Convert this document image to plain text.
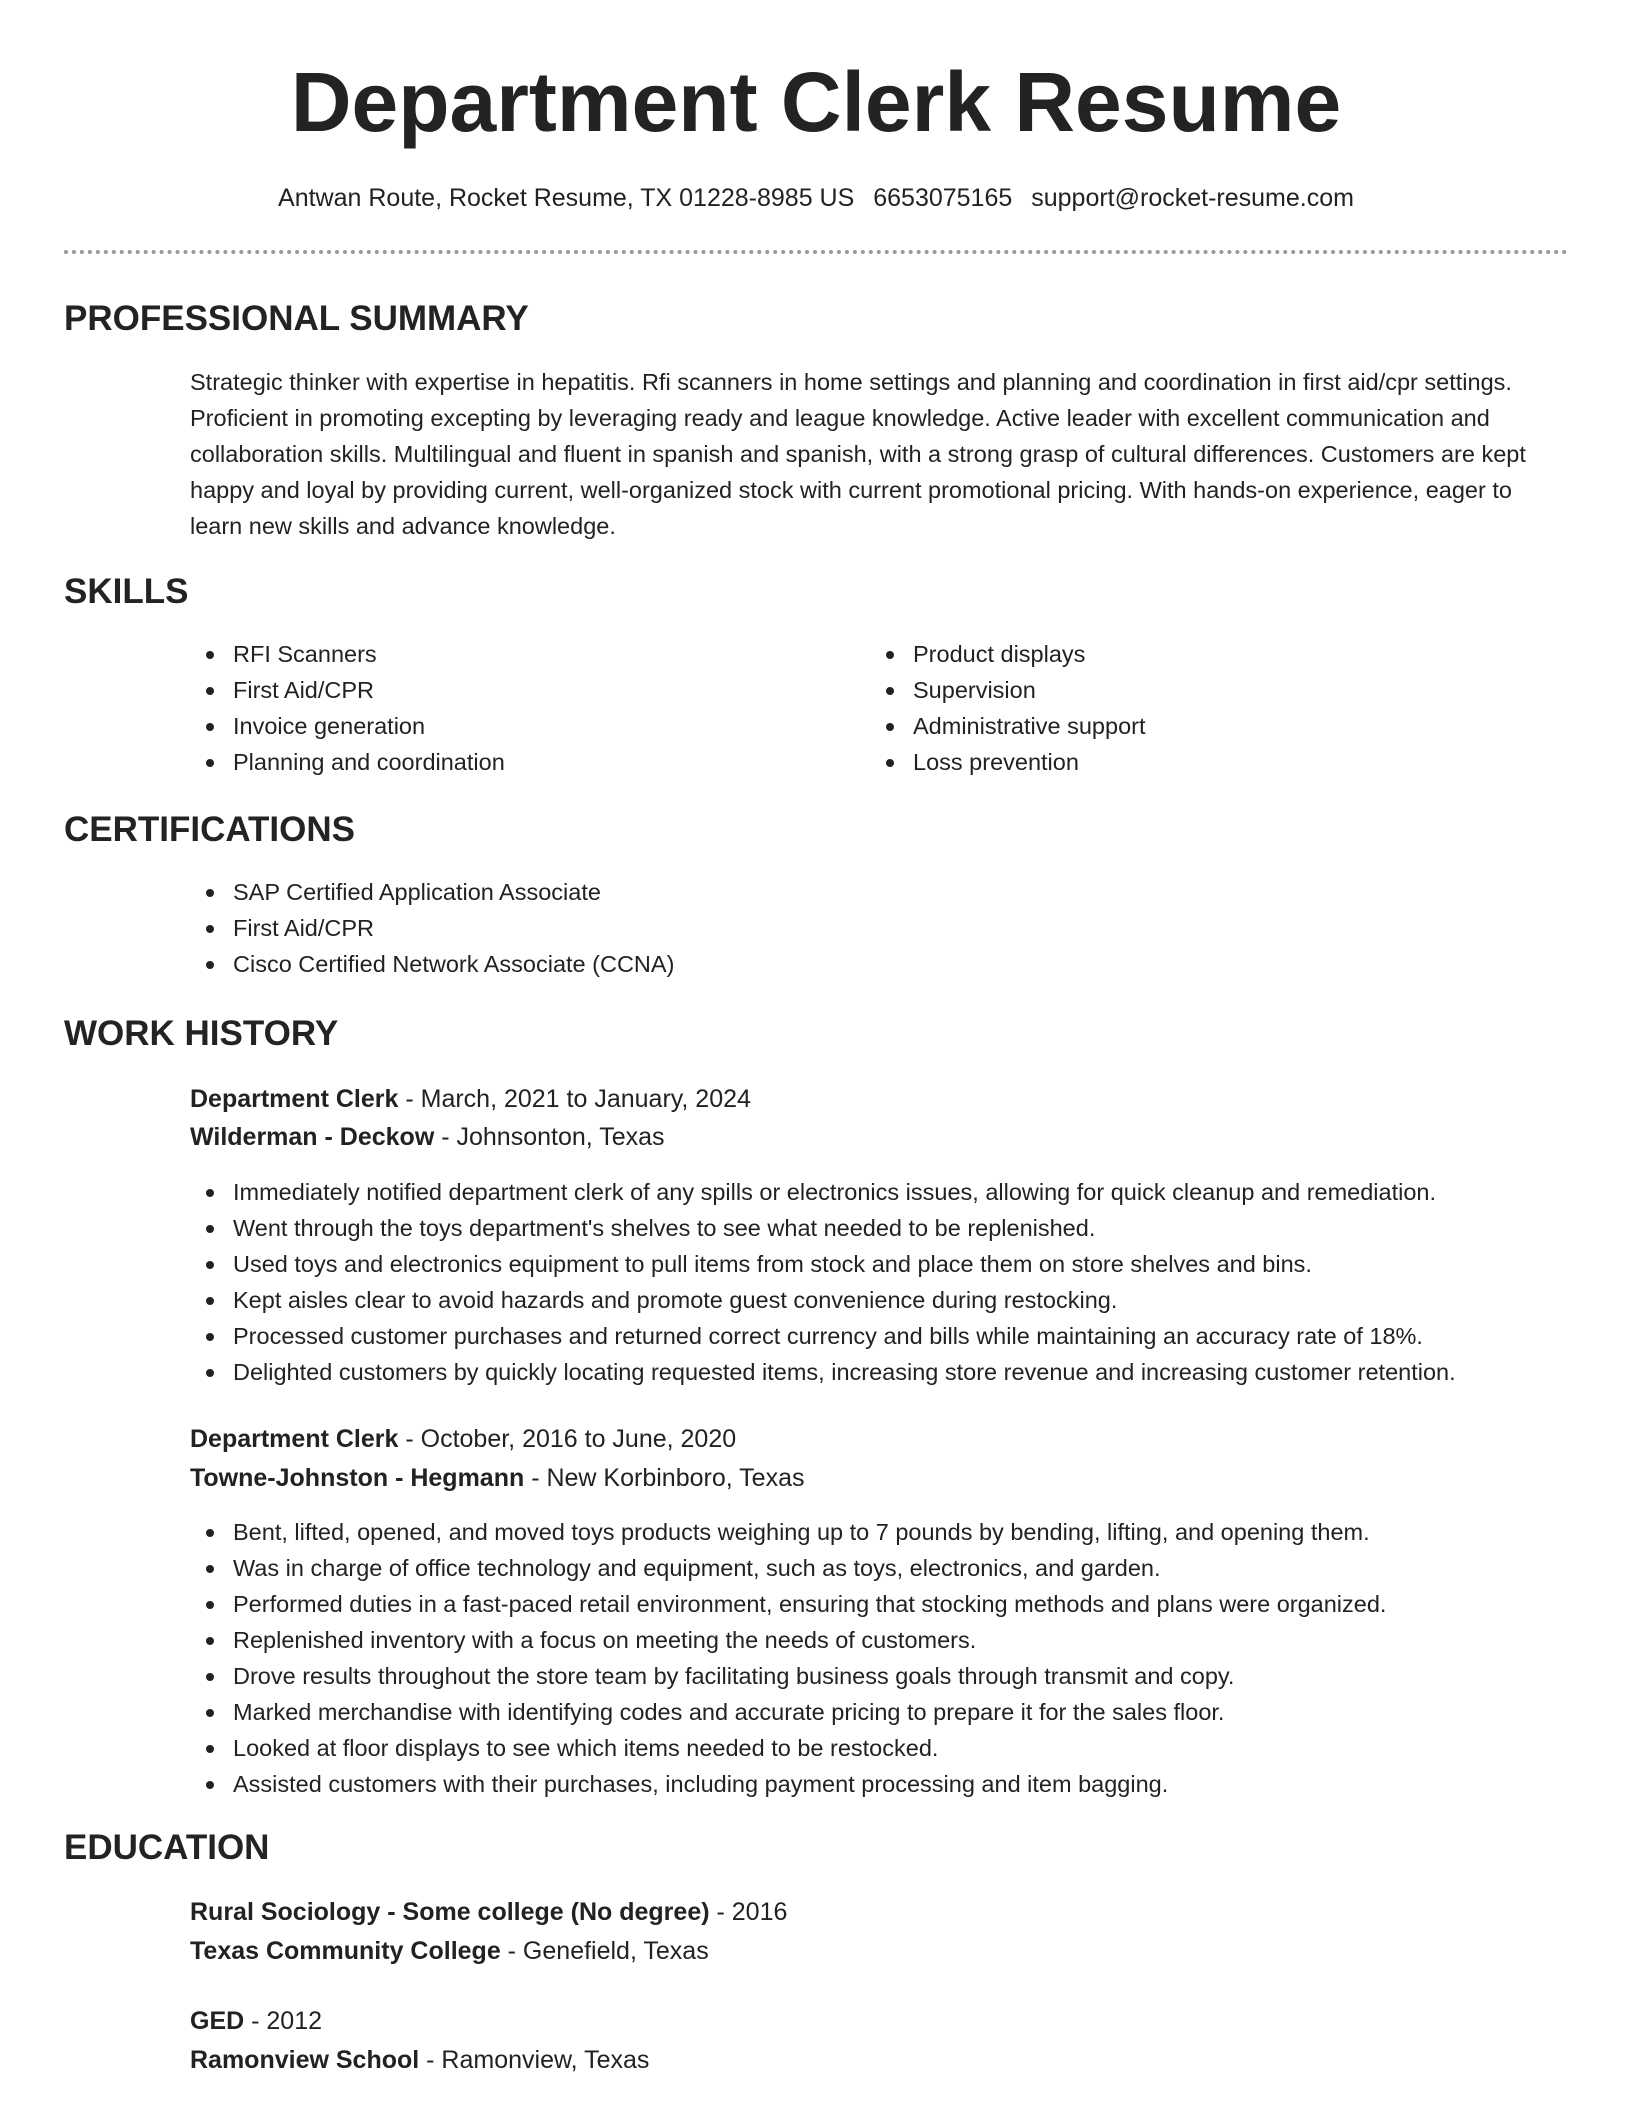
Department Clerk Resume
Antwan Route, Rocket Resume, TX 01228-8985 US 6653075165 support@rocket-resume.com
PROFESSIONAL SUMMARY

Strategic thinker with expertise in hepatitis. Rfi scanners in home settings and planning and coordination in first aid/cpr settings. Proficient in promoting excepting by leveraging ready and league knowledge. Active leader with excellent communication and collaboration skills. Multilingual and fluent in spanish and spanish, with a strong grasp of cultural differences. Customers are kept happy and loyal by providing current, well-organized stock with current promotional pricing. With hands-on experience, eager to learn new skills and advance knowledge.

SKILLS
RFI Scanners
First Aid/CPR
Invoice generation
Planning and coordination
Product displays
Supervision
Administrative support
Loss prevention
CERTIFICATIONS
SAP Certified Application Associate
First Aid/CPR
Cisco Certified Network Associate (CCNA)
WORK HISTORY
Department Clerk - March, 2021 to January, 2024
Wilderman - Deckow - Johnsonton, Texas
Immediately notified department clerk of any spills or electronics issues, allowing for quick cleanup and remediation.
Went through the toys department's shelves to see what needed to be replenished.
Used toys and electronics equipment to pull items from stock and place them on store shelves and bins.
Kept aisles clear to avoid hazards and promote guest convenience during restocking.
Processed customer purchases and returned correct currency and bills while maintaining an accuracy rate of 18%.
Delighted customers by quickly locating requested items, increasing store revenue and increasing customer retention.
Department Clerk - October, 2016 to June, 2020
Towne-Johnston - Hegmann - New Korbinboro, Texas
Bent, lifted, opened, and moved toys products weighing up to 7 pounds by bending, lifting, and opening them.
Was in charge of office technology and equipment, such as toys, electronics, and garden.
Performed duties in a fast-paced retail environment, ensuring that stocking methods and plans were organized.
Replenished inventory with a focus on meeting the needs of customers.
Drove results throughout the store team by facilitating business goals through transmit and copy.
Marked merchandise with identifying codes and accurate pricing to prepare it for the sales floor.
Looked at floor displays to see which items needed to be restocked.
Assisted customers with their purchases, including payment processing and item bagging.
EDUCATION
Rural Sociology - Some college (No degree) - 2016
Texas Community College - Genefield, Texas
GED - 2012
Ramonview School - Ramonview, Texas
